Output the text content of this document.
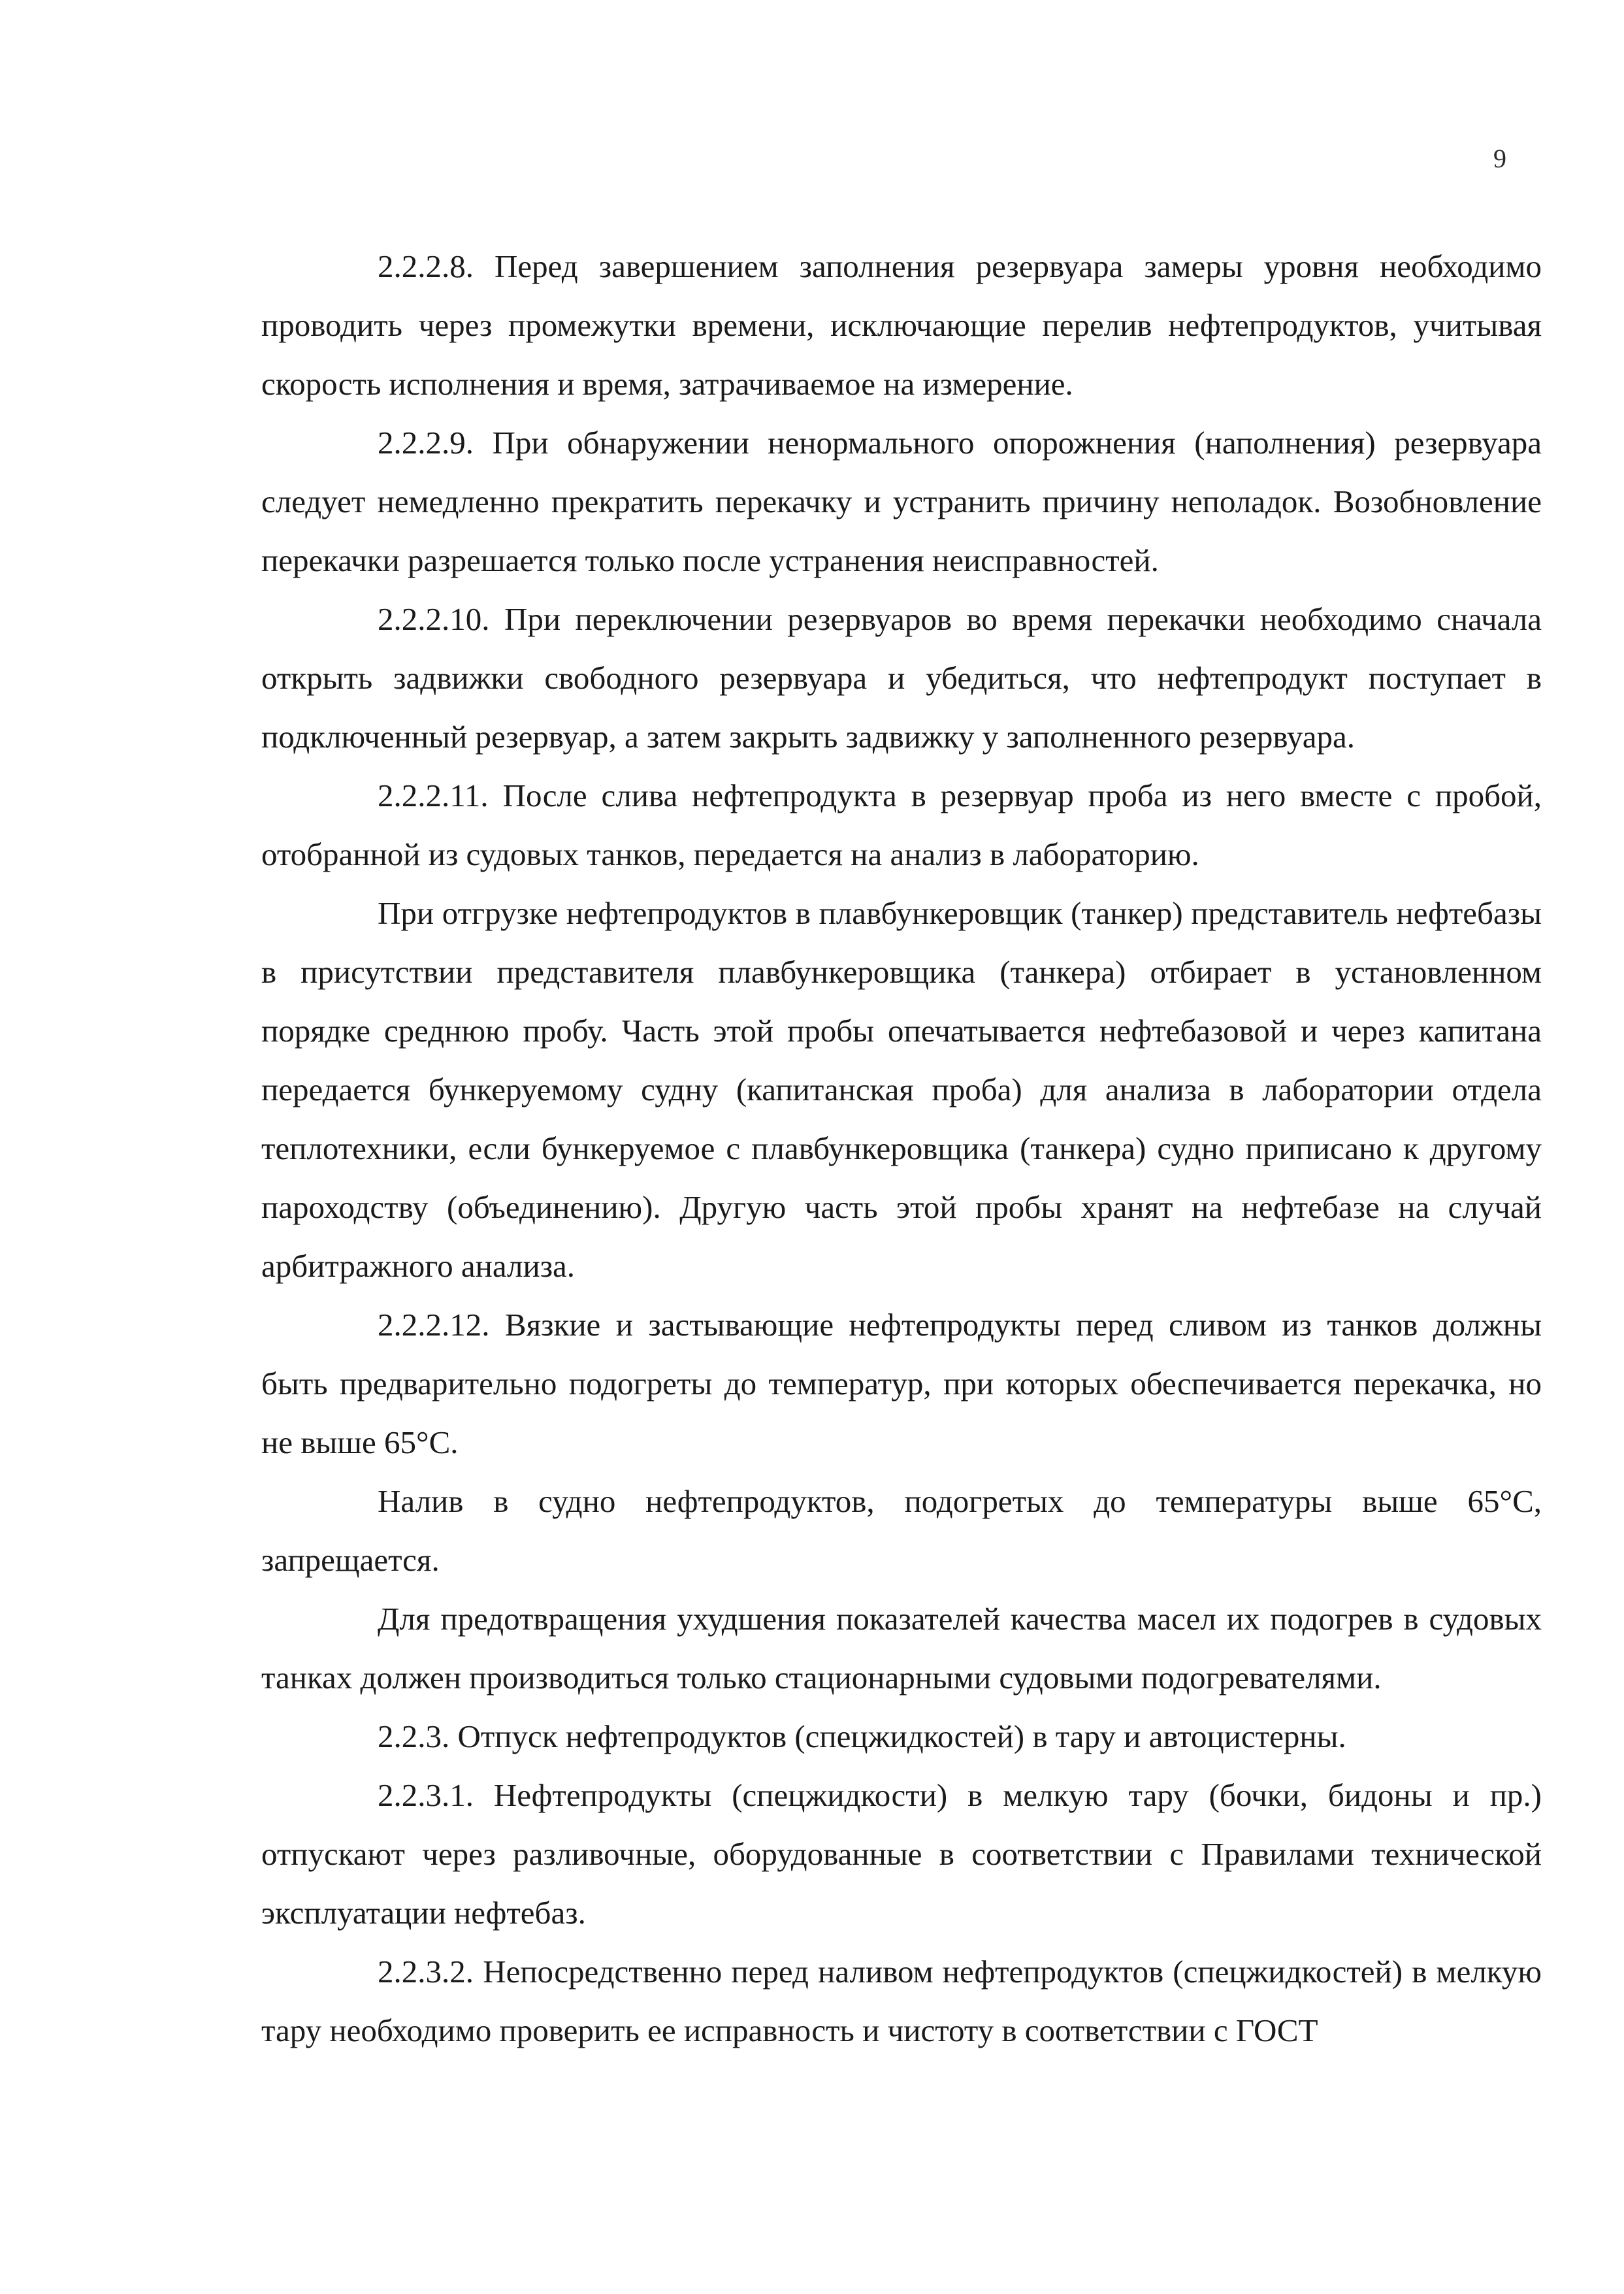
9

2.2.2.8. Перед завершением заполнения резервуара замеры уровня необходимо проводить через промежутки времени, исключающие перелив нефтепродуктов, учитывая скорость исполнения и время, затрачиваемое на измерение.

2.2.2.9. При обнаружении ненормального опорожнения (наполнения) резервуара следует немедленно прекратить перекачку и устранить причину неполадок. Возобновление перекачки разрешается только после устранения неисправностей.

2.2.2.10. При переключении резервуаров во время перекачки необходимо сначала открыть задвижки свободного резервуара и убедиться, что нефтепродукт поступает в подключенный резервуар, а затем закрыть задвижку у заполненного резервуара.

2.2.2.11. После слива нефтепродукта в резервуар проба из него вместе с пробой, отобранной из судовых танков, передается на анализ в лабораторию.

При отгрузке нефтепродуктов в плавбункеровщик (танкер) представитель нефтебазы в присутствии представителя плавбункеровщика (танкера) отбирает в установленном порядке среднюю пробу. Часть этой пробы опечатывается нефтебазовой и через капитана передается бункеруемому судну (капитанская проба) для анализа в лаборатории отдела теплотехники, если бункеруемое с плавбункеровщика (танкера) судно приписано к другому пароходству (объединению). Другую часть этой пробы хранят на нефтебазе на случай арбитражного анализа.

2.2.2.12. Вязкие и застывающие нефтепродукты перед сливом из танков должны быть предварительно подогреты до температур, при которых обеспечивается перекачка, но не выше 65°С.

Налив в судно нефтепродуктов, подогретых до температуры выше 65°С, запрещается.

Для предотвращения ухудшения показателей качества масел их подогрев в судовых танках должен производиться только стационарными судовыми подогревателями.

2.2.3. Отпуск нефтепродуктов (спецжидкостей) в тару и автоцистерны.

2.2.3.1. Нефтепродукты (спецжидкости) в мелкую тару (бочки, бидоны и пр.) отпускают через разливочные, оборудованные в соответствии с Правилами технической эксплуатации нефтебаз.

2.2.3.2. Непосредственно перед наливом нефтепродуктов (спецжидкостей) в мелкую тару необходимо проверить ее исправность и чистоту в соответствии с ГОСТ
